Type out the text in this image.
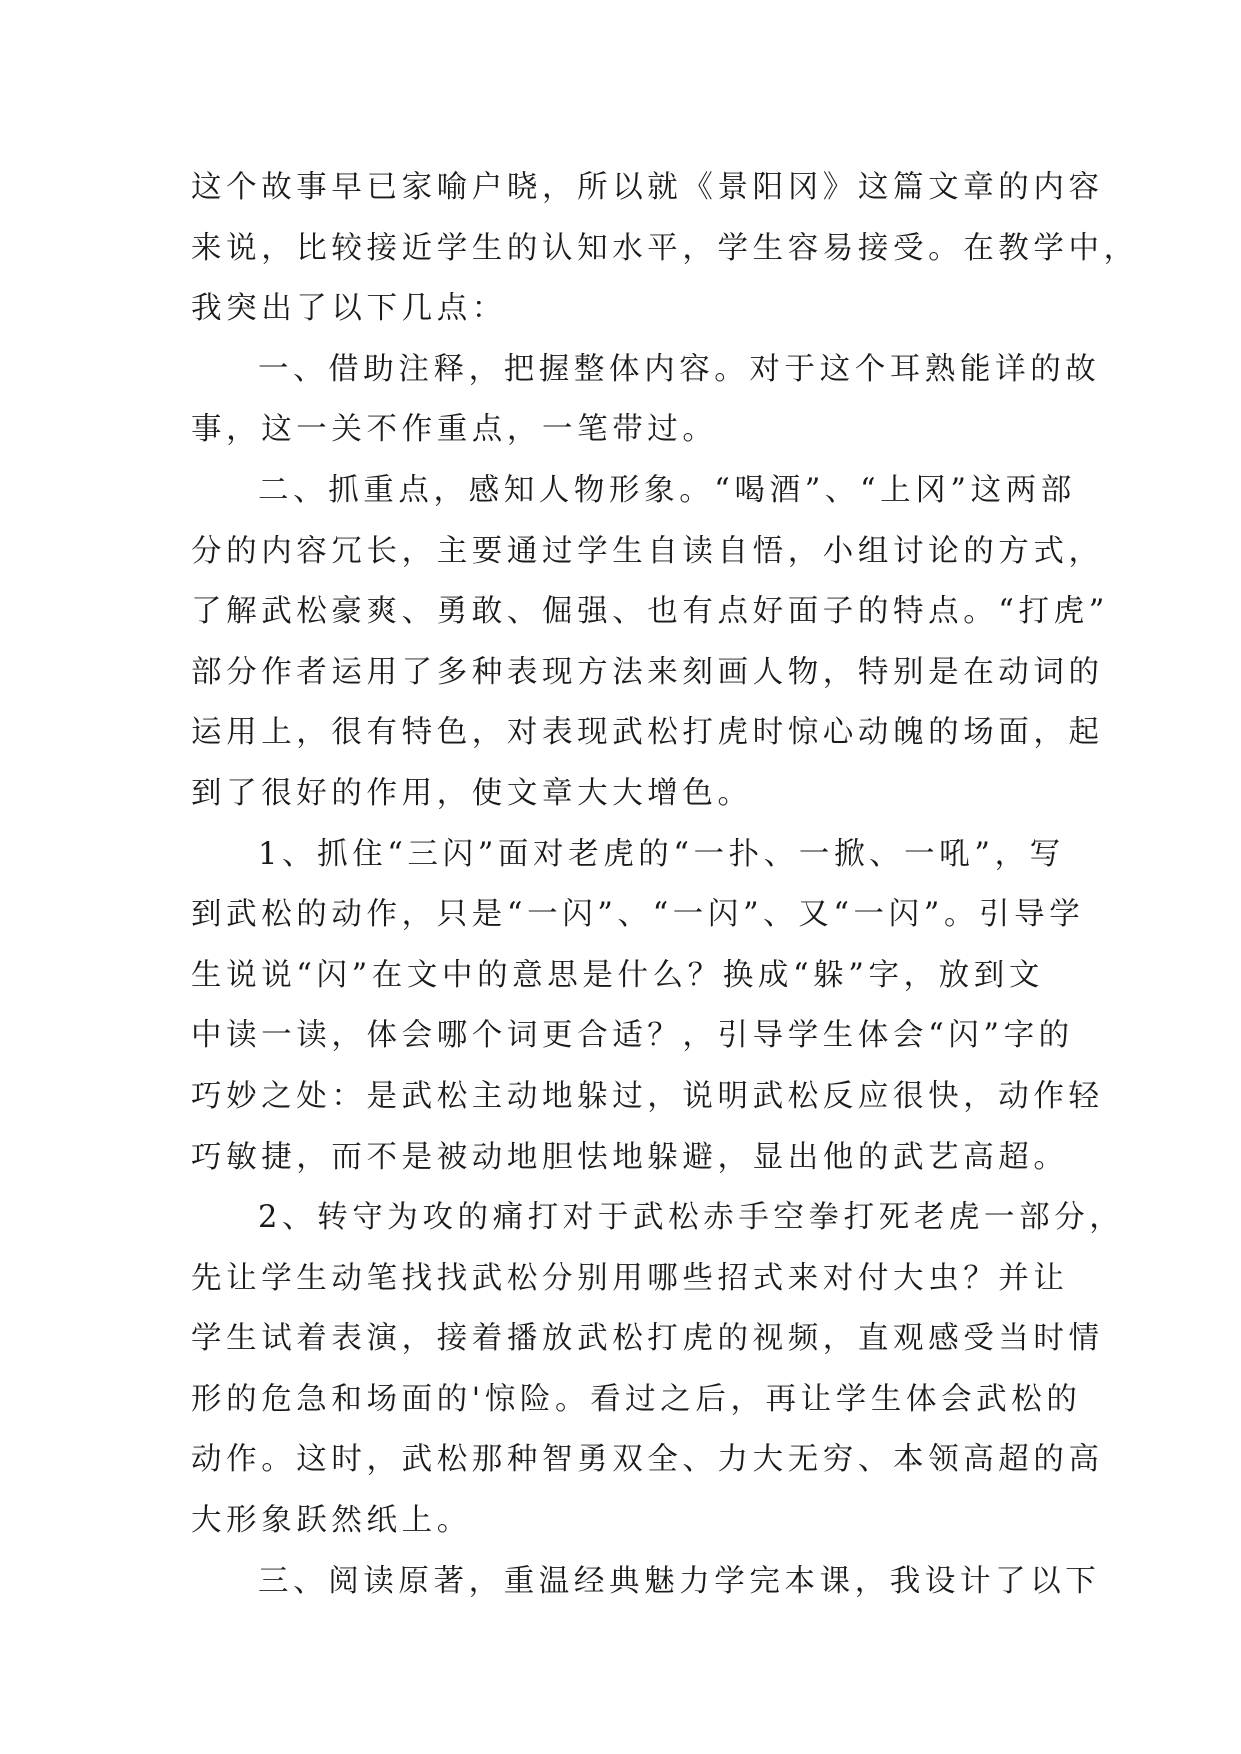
这个故事早已家喻户晓，所以就《景阳冈》这篇文章的内容
来说，比较接近学生的认知水平，学生容易接受。在教学中，
我突出了以下几点：

一、借助注释，把握整体内容。对于这个耳熟能详的故
事，这一关不作重点，一笔带过。

二、抓重点，感知人物形象。“喝酒”、“上冈”这两部
分的内容冗长，主要通过学生自读自悟，小组讨论的方式，
了解武松豪爽、勇敢、倔强、也有点好面子的特点。“打虎”
部分作者运用了多种表现方法来刻画人物，特别是在动词的
运用上，很有特色，对表现武松打虎时惊心动魄的场面，起
到了很好的作用，使文章大大增色。

1、抓住“三闪”面对老虎的“一扑、一掀、一吼”，写
到武松的动作，只是“一闪”、“一闪”、又“一闪”。引导学
生说说“闪”在文中的意思是什么？换成“躲”字，放到文
中读一读，体会哪个词更合适？，引导学生体会“闪”字的
巧妙之处：是武松主动地躲过，说明武松反应很快，动作轻
巧敏捷，而不是被动地胆怯地躲避，显出他的武艺高超。

2、转守为攻的痛打对于武松赤手空拳打死老虎一部分，
先让学生动笔找找武松分别用哪些招式来对付大虫？并让
学生试着表演，接着播放武松打虎的视频，直观感受当时情
形的危急和场面的'惊险。看过之后，再让学生体会武松的
动作。这时，武松那种智勇双全、力大无穷、本领高超的高
大形象跃然纸上。

三、阅读原著，重温经典魅力学完本课，我设计了以下
